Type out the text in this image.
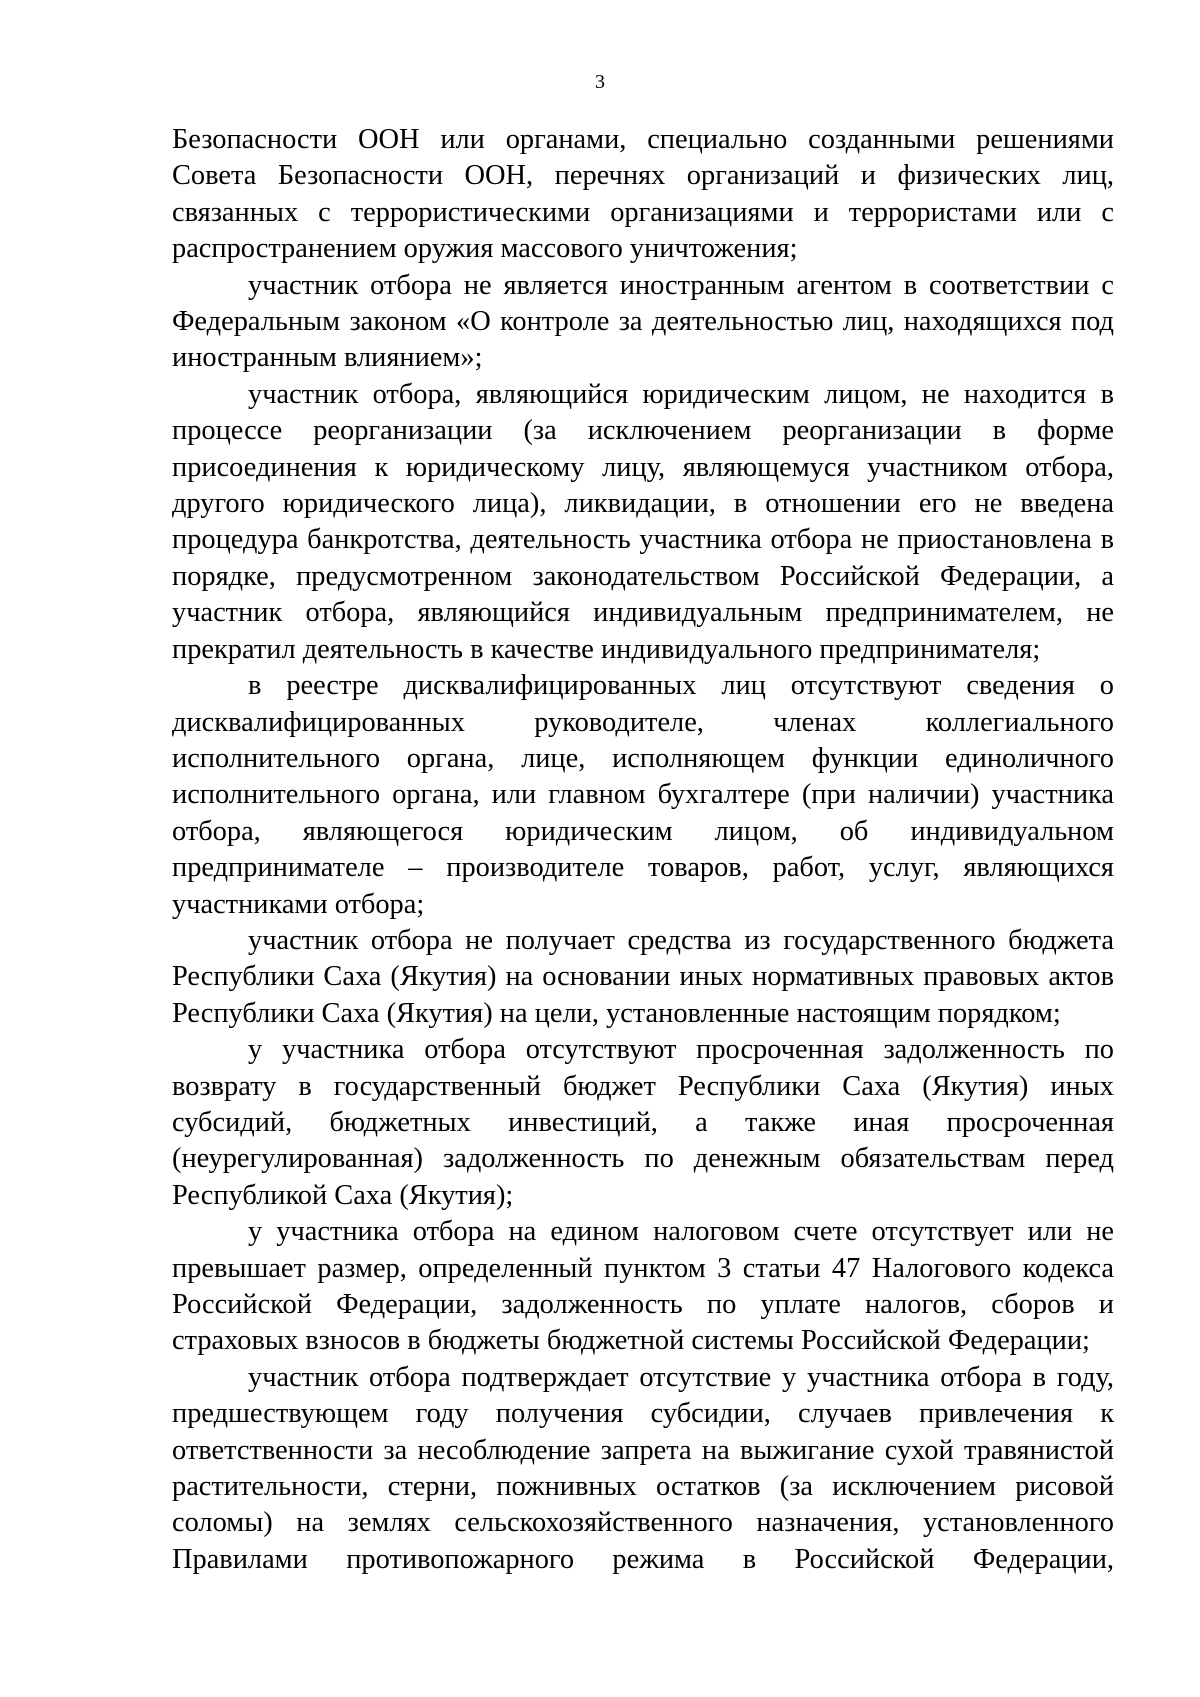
3

Безопасности ООН или органами, специально созданными решениями Совета Безопасности ООН, перечнях организаций и физических лиц, связанных с террористическими организациями и террористами или с распространением оружия массового уничтожения;

участник отбора не является иностранным агентом в соответствии с Федеральным законом «О контроле за деятельностью лиц, находящихся под иностранным влиянием»;

участник отбора, являющийся юридическим лицом, не находится в процессе реорганизации (за исключением реорганизации в форме присоединения к юридическому лицу, являющемуся участником отбора, другого юридического лица), ликвидации, в отношении его не введена процедура банкротства, деятельность участника отбора не приостановлена в порядке, предусмотренном законодательством Российской Федерации, а участник отбора, являющийся индивидуальным предпринимателем, не прекратил деятельность в качестве индивидуального предпринимателя;

в реестре дисквалифицированных лиц отсутствуют сведения о дисквалифицированных руководителе, членах коллегиального исполнительного органа, лице, исполняющем функции единоличного исполнительного органа, или главном бухгалтере (при наличии) участника отбора, являющегося юридическим лицом, об индивидуальном предпринимателе – производителе товаров, работ, услуг, являющихся участниками отбора;

участник отбора не получает средства из государственного бюджета Республики Саха (Якутия) на основании иных нормативных правовых актов Республики Саха (Якутия) на цели, установленные настоящим порядком;

у участника отбора отсутствуют просроченная задолженность по возврату в государственный бюджет Республики Саха (Якутия) иных субсидий, бюджетных инвестиций, а также иная просроченная (неурегулированная) задолженность по денежным обязательствам перед Республикой Саха (Якутия);

у участника отбора на едином налоговом счете отсутствует или не превышает размер, определенный пунктом 3 статьи 47 Налогового кодекса Российской Федерации, задолженность по уплате налогов, сборов и страховых взносов в бюджеты бюджетной системы Российской Федерации;

участник отбора подтверждает отсутствие у участника отбора в году, предшествующем году получения субсидии, случаев привлечения к ответственности за несоблюдение запрета на выжигание сухой травянистой растительности, стерни, пожнивных остатков (за исключением рисовой соломы) на землях сельскохозяйственного назначения, установленного Правилами противопожарного режима в Российской Федерации,
